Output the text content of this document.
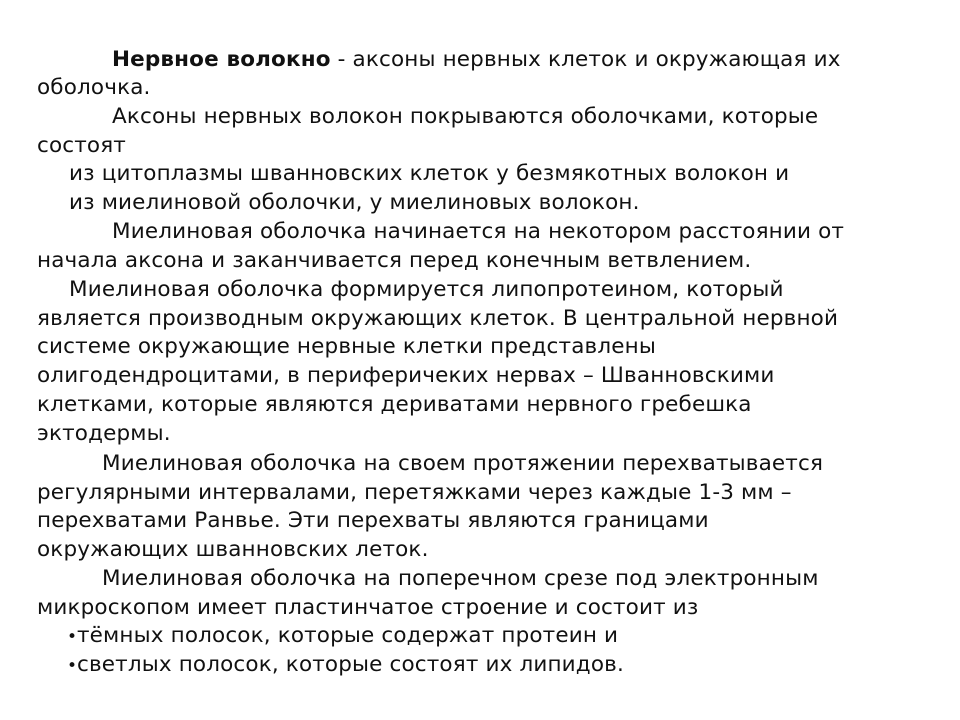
Нервное волокно - аксоны нервных клеток и окружающая их
оболочка.
Аксоны нервных волокон покрываются оболочками, которые
состоят
из цитоплазмы шванновских клеток у безмякотных волокон и
из миелиновой оболочки, у миелиновых волокон.
Миелиновая оболочка начинается на некотором расстоянии от
начала аксона и заканчивается перед конечным ветвлением.
Миелиновая оболочка формируется липопротеином, который
является производным окружающих клеток. В центральной нервной
системе окружающие нервные клетки представлены
олигодендроцитами, в периферичеких нервах – Шванновскими
клетками, которые являются дериватами нервного гребешка
эктодермы.
Миелиновая оболочка на своем протяжении перехватывается
регулярными интервалами, перетяжками через каждые 1-3 мм –
перехватами Ранвье. Эти перехваты являются границами
окружающих шванновских леток.
Миелиновая оболочка на поперечном срезе под электронным
микроскопом имеет пластинчатое строение и состоит из
•тёмных полосок, которые содержат протеин и
•светлых полосок, которые состоят их липидов.
